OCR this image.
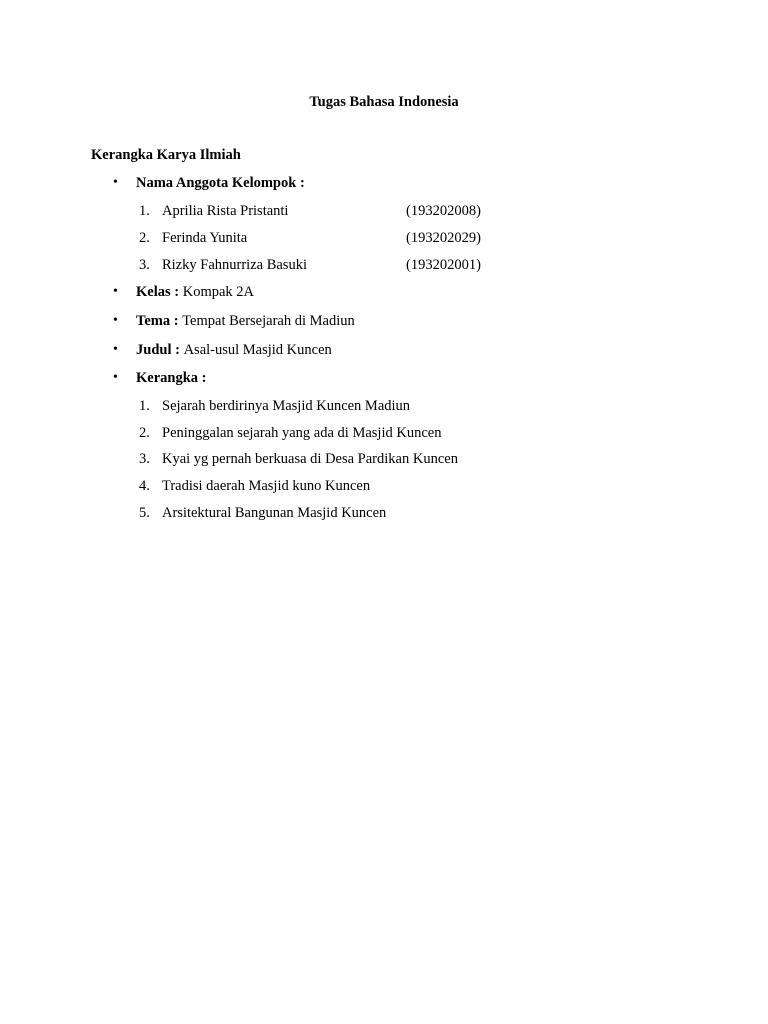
Tugas Bahasa Indonesia
Kerangka Karya Ilmiah
• Nama Anggota Kelompok :
1. Aprilia Rista Pristanti	(193202008)
2. Ferinda Yunita	(193202029)
3. Rizky Fahnurriza Basuki	(193202001)
• Kelas : Kompak 2A
• Tema : Tempat Bersejarah di Madiun
• Judul : Asal-usul Masjid Kuncen
• Kerangka :
1. Sejarah berdirinya Masjid Kuncen Madiun
2. Peninggalan sejarah yang ada di Masjid Kuncen
3. Kyai yg pernah berkuasa di Desa Pardikan Kuncen
4. Tradisi daerah Masjid kuno Kuncen
5. Arsitektural Bangunan Masjid Kuncen
